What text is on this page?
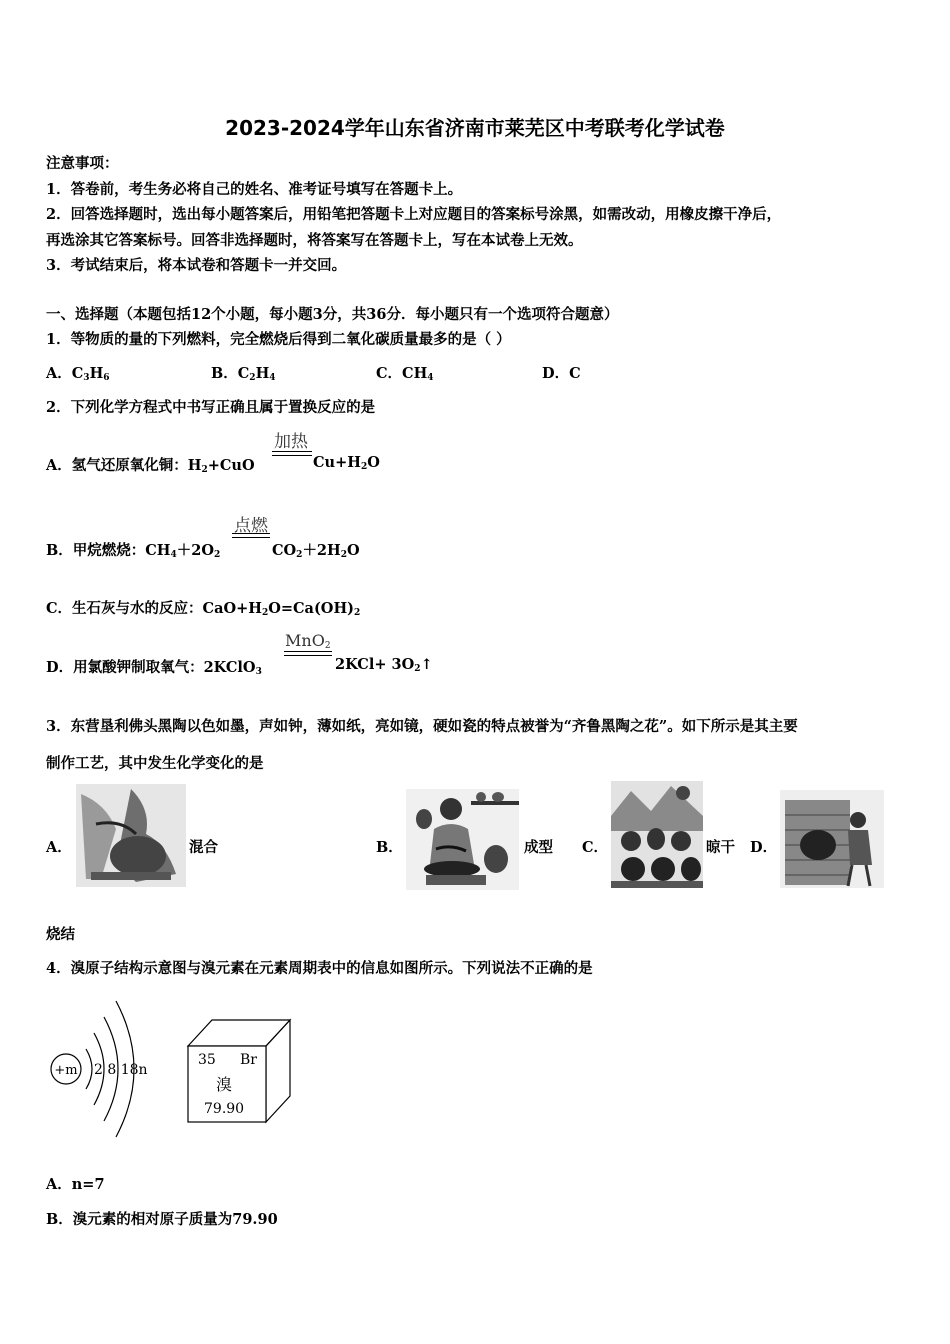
2023-2024学年山东省济南市莱芜区中考联考化学试卷
注意事项：
1．答卷前，考生务必将自己的姓名、准考证号填写在答题卡上。
2．回答选择题时，选出每小题答案后，用铅笔把答题卡上对应题目的答案标号涂黑，如需改动，用橡皮擦干净后，
再选涂其它答案标号。回答非选择题时，将答案写在答题卡上，写在本试卷上无效。
3．考试结束后，将本试卷和答题卡一并交回。
一、选择题（本题包括12个小题，每小题3分，共36分．每小题只有一个选项符合题意）
1．等物质的量的下列燃料，完全燃烧后得到二氧化碳质量最多的是（ ）
A．$C_3H_6$	B．$C_2H_4$	C．$CH_4$	D．C
2．下列化学方程式中书写正确且属于置换反应的是
A．氢气还原氧化铜：$H_2+CuO$
加热
$Cu+H_2O$
B．甲烷燃烧：$CH_4+2O_2$
点燃
$CO_2+2H_2O$
C．生石灰与水的反应：$CaO+H_2O=Ca(OH)_2$
D．用氯酸钾制取氧气：2KClO$_3$
MnO$_2$
$2KCl+ 3O_2↑$
3．东营垦利佛头黑陶以色如墨，声如钟，薄如纸，亮如镜，硬如瓷的特点被誉为“齐鲁黑陶之花”。如下所示是其主要
制作工艺，其中发生化学变化的是
A．	混合	B．	成型 C．	晾干 D．
烧结
4．溴原子结构示意图与溴元素在元素周期表中的信息如图所示。下列说法不正确的是
+m 2 8 18n
35 Br
溴
79.90
A．n=7
B．溴元素的相对原子质量为79.90
